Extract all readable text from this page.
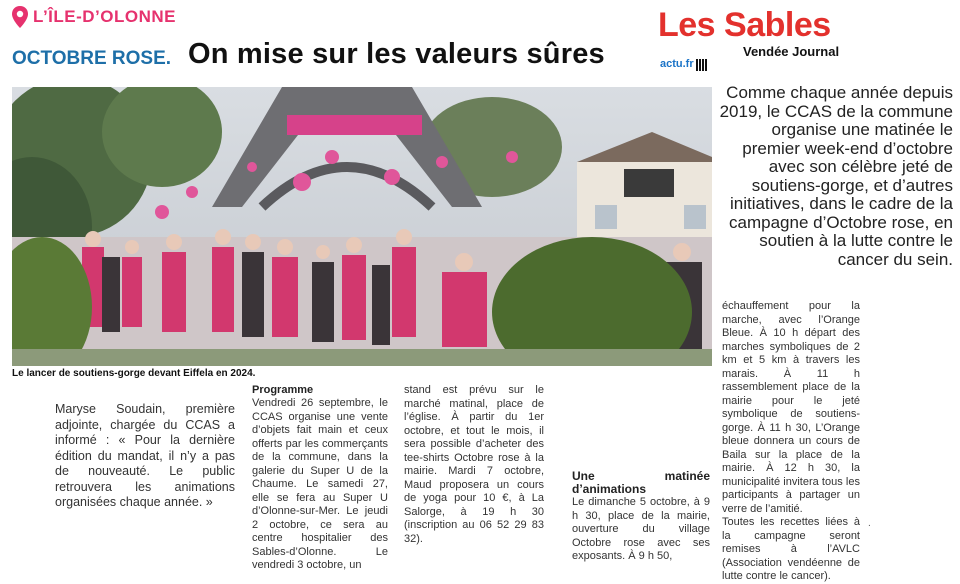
L’ÎLE-D’OLONNE
OCTOBRE ROSE. On mise sur les valeurs sûres
Les Sables
Vendée Journal
actu.fr
Le lancer de soutiens-gorge devant Eiffela en 2024.
Comme chaque année depuis 2019, le CCAS de la commune organise une matinée le premier week-end d’octobre avec son célèbre jeté de soutiens-gorge, et d’autres initiatives, dans le cadre de la campagne d’Octobre rose, en soutien à la lutte contre le cancer du sein.
Maryse Soudain, première adjointe, chargée du CCAS a informé : « Pour la dernière édition du mandat, il n’y a pas de nouveauté. Le public retrouvera les animations organisées chaque année. »
Programme
Vendredi 26 septembre, le CCAS organise une vente d’objets fait main et ceux offerts par les commerçants de la commune, dans la galerie du Super U de la Chaume. Le samedi 27, elle se fera au Super U d’Olonne-sur-Mer. Le jeudi 2 octobre, ce sera au centre hospitalier des Sables-d’Olonne. Le vendredi 3 octobre, un
stand est prévu sur le marché matinal, place de l’église. À partir du 1er octobre, et tout le mois, il sera possible d’acheter des tee-shirts Octobre rose à la mairie. Mardi 7 octobre, Maud proposera un cours de yoga pour 10 €, à La Salorge, à 19 h 30 (inscription au 06 52 29 83 32).
Une matinée d’animations
Le dimanche 5 octobre, à 9 h 30, place de la mairie, ouverture du village Octobre rose avec ses exposants. À 9 h 50,
échauffement pour la marche, avec l’Orange Bleue. À 10 h départ des marches symboliques de 2 km et 5 km à travers les marais. À 11 h rassemblement place de la mairie pour le jeté symbolique de soutiens-gorge. À 11 h 30, L’Orange bleue donnera un cours de Baila sur la place de la mairie. À 12 h 30, la municipalité invitera tous les participants à partager un verre de l’amitié.
Toutes les recettes liées à la campagne seront remises à l’AVLC (Association vendéenne de lutte contre le cancer).
.
